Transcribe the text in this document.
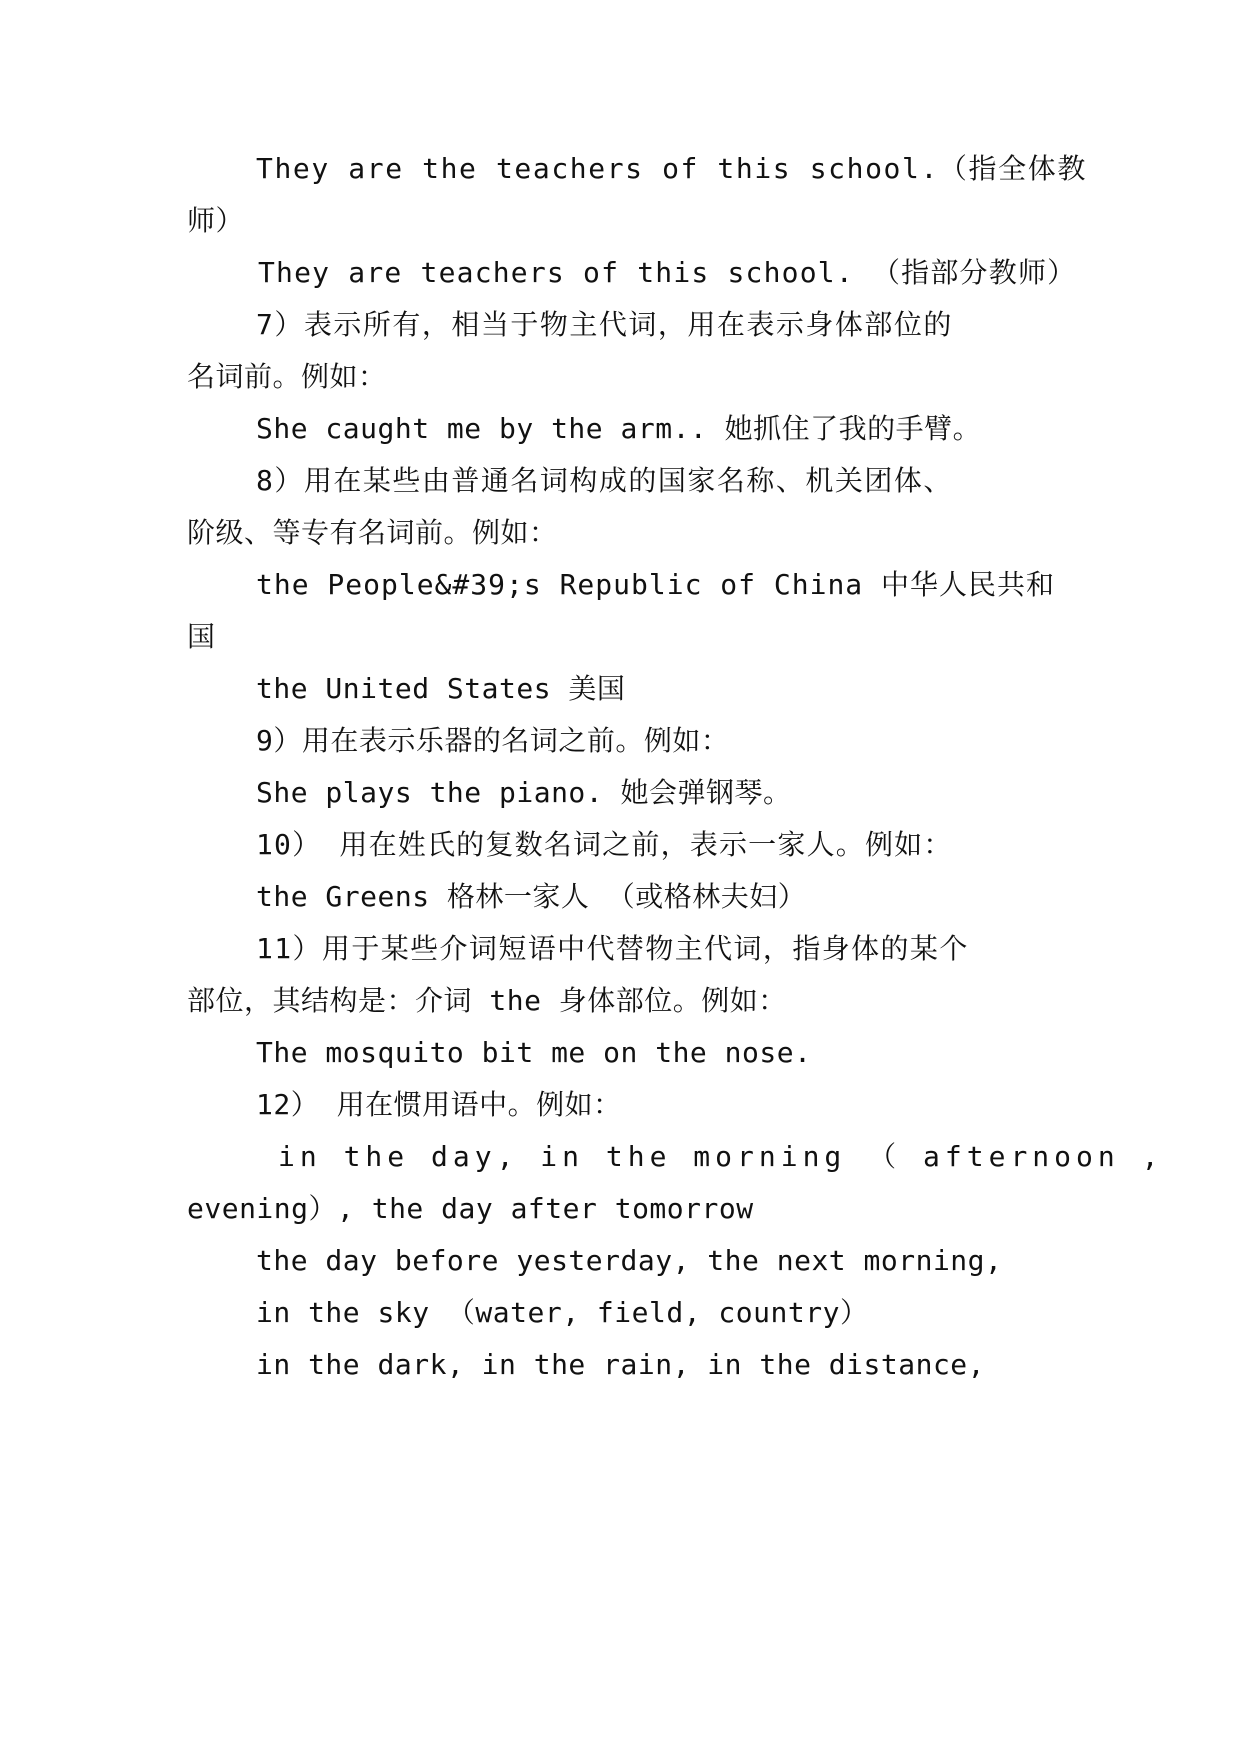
They are the teachers of this school.（指全体教
师）
They are teachers of this school. （指部分教师）
7）表示所有，相当于物主代词，用在表示身体部位的
名词前。例如：
She caught me by the arm.. 她抓住了我的手臂。
8）用在某些由普通名词构成的国家名称、机关团体、
阶级、等专有名词前。例如：
the People&#39;s Republic of China 中华人民共和
国
the United States 美国
9）用在表示乐器的名词之前。例如：
She plays the piano. 她会弹钢琴。
10） 用在姓氏的复数名词之前，表示一家人。例如：
the Greens 格林一家人 （或格林夫妇）
11）用于某些介词短语中代替物主代词，指身体的某个
部位，其结构是：介词 the 身体部位。例如：
The mosquito bit me on the nose.
12） 用在惯用语中。例如：
in the day, in the morning （ afternoon ,
evening）, the day after tomorrow
the day before yesterday, the next morning,
in the sky （water, field, country）
in the dark, in the rain, in the distance,
